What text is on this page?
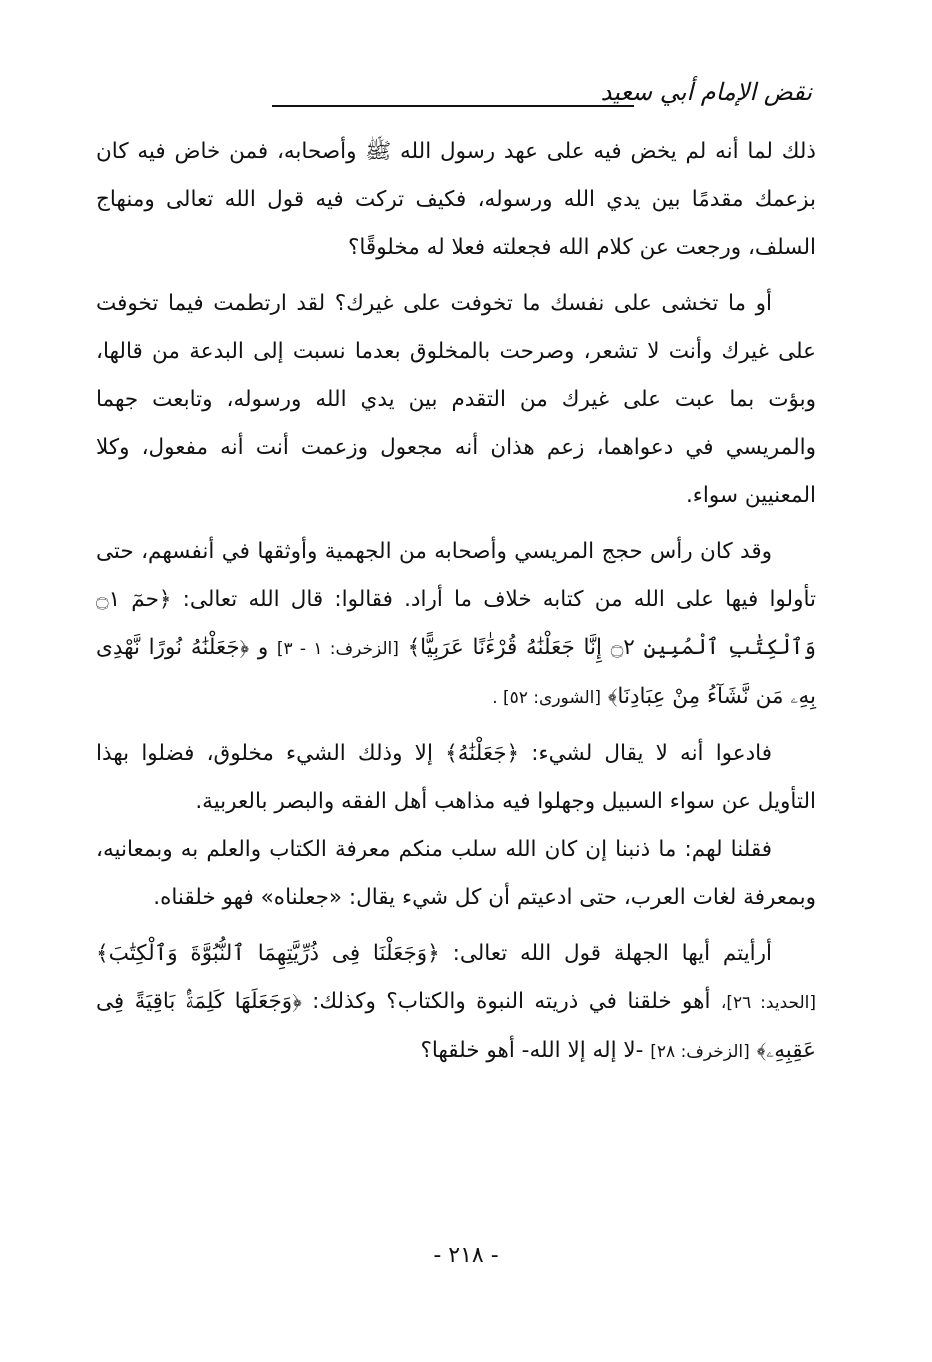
نقض الإمام أبي سعيد

ذلك لما أنه لم يخض فيه على عهد رسول الله ﷺ وأصحابه، فمن خاض فيه كان بزعمك مقدمًا بين يدي الله ورسوله، فكيف تركت فيه قول الله تعالى ومنهاج السلف، ورجعت عن كلام الله فجعلته فعلا له مخلوقًا؟

أو ما تخشى على نفسك ما تخوفت على غيرك؟ لقد ارتطمت فيما تخوفت على غيرك وأنت لا تشعر، وصرحت بالمخلوق بعدما نسبت إلى البدعة من قالها، وبؤت بما عبت على غيرك من التقدم بين يدي الله ورسوله، وتابعت جهما والمريسي في دعواهما، زعم هذان أنه مجعول وزعمت أنت أنه مفعول، وكلا المعنيين سواء.

وقد كان رأس حجج المريسي وأصحابه من الجهمية وأوثقها في أنفسهم، حتى تأولوا فيها على الله من كتابه خلاف ما أراد. فقالوا: قال الله تعالى: ﴿حمٓ ۝١ وَٱلْكِتَٰبِ ٱلْمُبِينِ ۝٢ إِنَّا جَعَلْنَٰهُ قُرْءَٰنًا عَرَبِيًّا﴾ [الزخرف: ١ - ٣] و ﴿جَعَلْنَٰهُ نُورًا نَّهْدِى بِهِۦ مَن نَّشَآءُ مِنْ عِبَادِنَا﴾ [الشورى: ٥٢] .

فادعوا أنه لا يقال لشيء: ﴿جَعَلْنَٰهُ﴾ إلا وذلك الشيء مخلوق، فضلوا بهذا التأويل عن سواء السبيل وجهلوا فيه مذاهب أهل الفقه والبصر بالعربية.

فقلنا لهم: ما ذنبنا إن كان الله سلب منكم معرفة الكتاب والعلم به وبمعانيه، وبمعرفة لغات العرب، حتى ادعيتم أن كل شيء يقال: «جعلناه» فهو خلقناه.

أرأيتم أيها الجهلة قول الله تعالى: ﴿وَجَعَلْنَا فِى ذُرِّيَّتِهِمَا ٱلنُّبُوَّةَ وَٱلْكِتَٰبَ﴾ [الحديد: ٢٦]، أهو خلقنا في ذريته النبوة والكتاب؟ وكذلك: ﴿وَجَعَلَهَا كَلِمَةًۢ بَاقِيَةً فِى عَقِبِهِۦ﴾ [الزخرف: ٢٨] -لا إله إلا الله- أهو خلقها؟

- ٢١٨ -
